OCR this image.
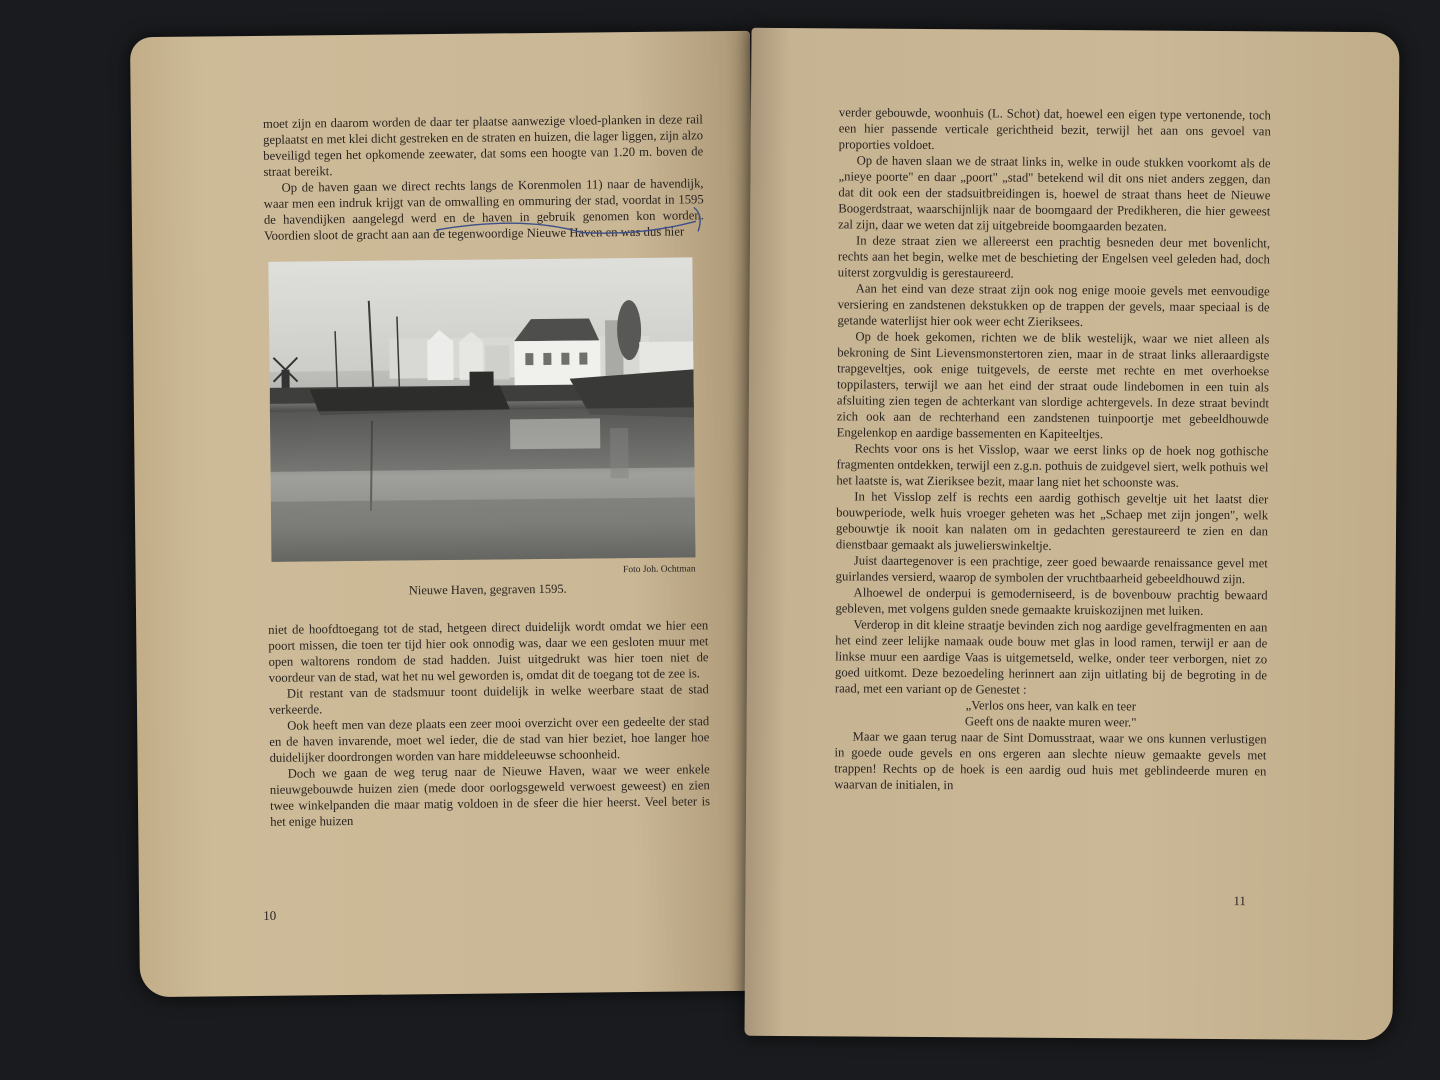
moet zijn en daarom worden de daar ter plaatse aanwezige vloed-planken in deze rail geplaatst en met klei dicht gestreken en de straten en huizen, die lager liggen, zijn alzo beveiligd tegen het opkomende zeewater, dat soms een hoogte van 1.20 m. boven de straat bereikt.

Op de haven gaan we direct rechts langs de Korenmolen 11) naar de havendijk, waar men een indruk krijgt van de omwalling en ommuring der stad, voordat in 1595 de havendijken aangelegd werd en de haven in gebruik genomen kon worden. Voordien sloot de gracht aan aan de tegenwoordige Nieuwe Haven en was dus hier

Foto Joh. Ochtman
Nieuwe Haven, gegraven 1595.

niet de hoofdtoegang tot de stad, hetgeen direct duidelijk wordt omdat we hier een poort missen, die toen ter tijd hier ook onnodig was, daar we een gesloten muur met open waltorens rondom de stad hadden. Juist uitgedrukt was hier toen niet de voordeur van de stad, wat het nu wel geworden is, omdat dit de toegang tot de zee is.

Dit restant van de stadsmuur toont duidelijk in welke weerbare staat de stad verkeerde.

Ook heeft men van deze plaats een zeer mooi overzicht over een gedeelte der stad en de haven invarende, moet wel ieder, die de stad van hier beziet, hoe langer hoe duidelijker doordrongen worden van hare middeleeuwse schoonheid.

Doch we gaan de weg terug naar de Nieuwe Haven, waar we weer enkele nieuwgebouwde huizen zien (mede door oorlogsgeweld verwoest geweest) en zien twee winkelpanden die maar matig voldoen in de sfeer die hier heerst. Veel beter is het enige huizen

10

verder gebouwde, woonhuis (L. Schot) dat, hoewel een eigen type vertonende, toch een hier passende verticale gerichtheid bezit, terwijl het aan ons gevoel van proporties voldoet.

Op de haven slaan we de straat links in, welke in oude stukken voorkomt als de „nieye poorte" en daar „poort" „stad" betekend wil dit ons niet anders zeggen, dan dat dit ook een der stadsuitbreidingen is, hoewel de straat thans heet de Nieuwe Boogerdstraat, waarschijnlijk naar de boomgaard der Predikheren, die hier geweest zal zijn, daar we weten dat zij uitgebreide boomgaarden bezaten.

In deze straat zien we allereerst een prachtig besneden deur met bovenlicht, rechts aan het begin, welke met de beschieting der Engelsen veel geleden had, doch uiterst zorgvuldig is gerestaureerd.

Aan het eind van deze straat zijn ook nog enige mooie gevels met eenvoudige versiering en zandstenen dekstukken op de trappen der gevels, maar speciaal is de getande waterlijst hier ook weer echt Zieriksees.

Op de hoek gekomen, richten we de blik westelijk, waar we niet alleen als bekroning de Sint Lievensmonstertoren zien, maar in de straat links alleraardigste trapgeveltjes, ook enige tuitgevels, de eerste met rechte en met overhoekse toppilasters, terwijl we aan het eind der straat oude lindebomen in een tuin als afsluiting zien tegen de achterkant van slordige achtergevels. In deze straat bevindt zich ook aan de rechterhand een zandstenen tuinpoortje met gebeeldhouwde Engelenkop en aardige bassementen en Kapiteeltjes.

Rechts voor ons is het Visslop, waar we eerst links op de hoek nog gothische fragmenten ontdekken, terwijl een z.g.n. pothuis de zuidgevel siert, welk pothuis wel het laatste is, wat Zieriksee bezit, maar lang niet het schoonste was.

In het Visslop zelf is rechts een aardig gothisch geveltje uit het laatst dier bouwperiode, welk huis vroeger geheten was het „Schaep met zijn jongen", welk gebouwtje ik nooit kan nalaten om in gedachten gerestaureerd te zien en dan dienstbaar gemaakt als juwelierswinkeltje.

Juist daartegenover is een prachtige, zeer goed bewaarde renaissance gevel met guirlandes versierd, waarop de symbolen der vruchtbaarheid gebeeldhouwd zijn.

Alhoewel de onderpui is gemoderniseerd, is de bovenbouw prachtig bewaard gebleven, met volgens gulden snede gemaakte kruiskozijnen met luiken.

Verderop in dit kleine straatje bevinden zich nog aardige gevelfragmenten en aan het eind zeer lelijke namaak oude bouw met glas in lood ramen, terwijl er aan de linkse muur een aardige Vaas is uitgemetseld, welke, onder teer verborgen, niet zo goed uitkomt. Deze bezoedeling herinnert aan zijn uitlating bij de begroting in de raad, met een variant op de Genestet :

„Verlos ons heer, van kalk en teer
Geeft ons de naakte muren weer."

Maar we gaan terug naar de Sint Domusstraat, waar we ons kunnen verlustigen in goede oude gevels en ons ergeren aan slechte nieuw gemaakte gevels met trappen! Rechts op de hoek is een aardig oud huis met geblindeerde muren en waarvan de initialen, in

11
